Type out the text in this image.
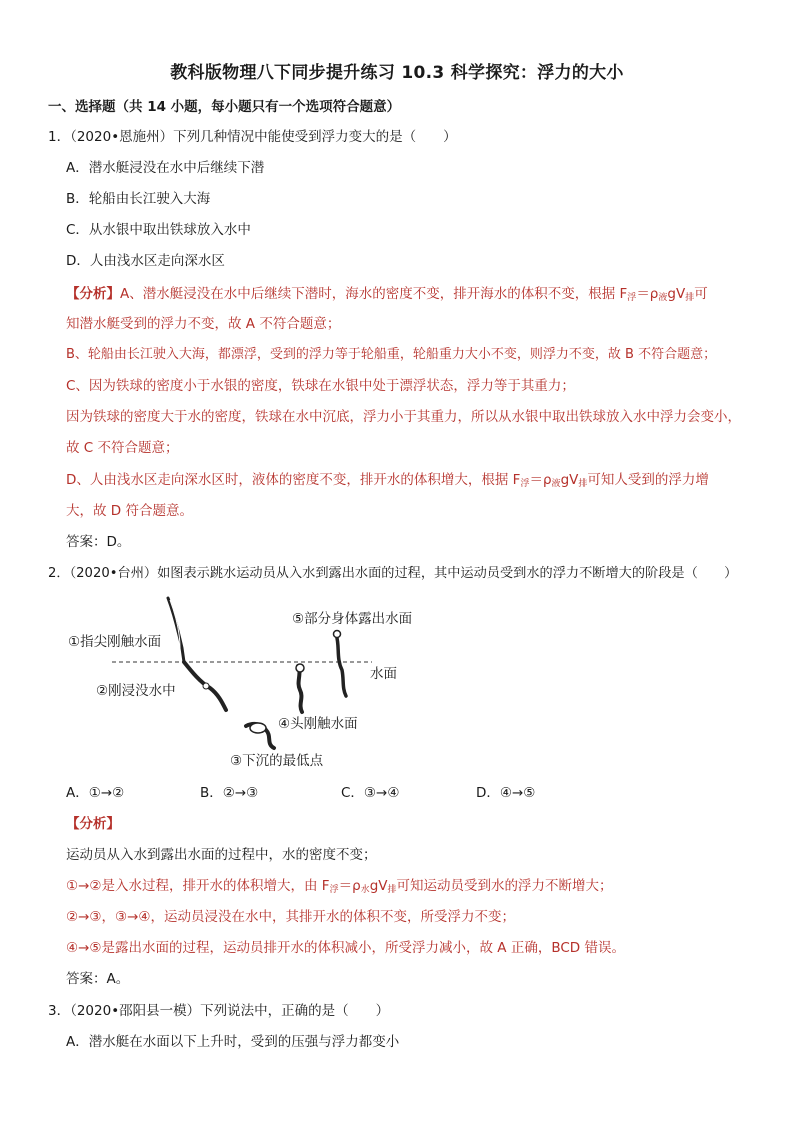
教科版物理八下同步提升练习 10.3 科学探究：浮力的大小
一、选择题（共 14 小题，每小题只有一个选项符合题意）
1．（2020•恩施州）下列几种情况中能使受到浮力变大的是（　　）
A．潜水艇浸没在水中后继续下潜
B．轮船由长江驶入大海
C．从水银中取出铁球放入水中
D．人由浅水区走向深水区
【分析】A、潜水艇浸没在水中后继续下潜时，海水的密度不变，排开海水的体积不变，根据 F浮＝ρ液gV排可
知潜水艇受到的浮力不变，故 A 不符合题意；
B、轮船由长江驶入大海，都漂浮，受到的浮力等于轮船重，轮船重力大小不变，则浮力不变，故 B 不符合题意；
C、因为铁球的密度小于水银的密度，铁球在水银中处于漂浮状态，浮力等于其重力；
因为铁球的密度大于水的密度，铁球在水中沉底，浮力小于其重力，所以从水银中取出铁球放入水中浮力会变小，
故 C 不符合题意；
D、人由浅水区走向深水区时，液体的密度不变，排开水的体积增大，根据 F浮＝ρ液gV排可知人受到的浮力增
大，故 D 符合题意。
答案：D。
2．（2020•台州）如图表示跳水运动员从入水到露出水面的过程，其中运动员受到水的浮力不断增大的阶段是（　　）
①指尖刚触水面
②刚浸没水中
③下沉的最低点
④头刚触水面
⑤部分身体露出水面
水面
A．①→②	B．②→③	C．③→④	D．④→⑤
【分析】
运动员从入水到露出水面的过程中，水的密度不变；
①→②是入水过程，排开水的体积增大，由 F浮＝ρ水gV排可知运动员受到水的浮力不断增大；
②→③，③→④，运动员浸没在水中，其排开水的体积不变，所受浮力不变；
④→⑤是露出水面的过程，运动员排开水的体积减小，所受浮力减小，故 A 正确，BCD 错误。
答案：A。
3．（2020•邵阳县一模）下列说法中，正确的是（　　）
A．潜水艇在水面以下上升时，受到的压强与浮力都变小
